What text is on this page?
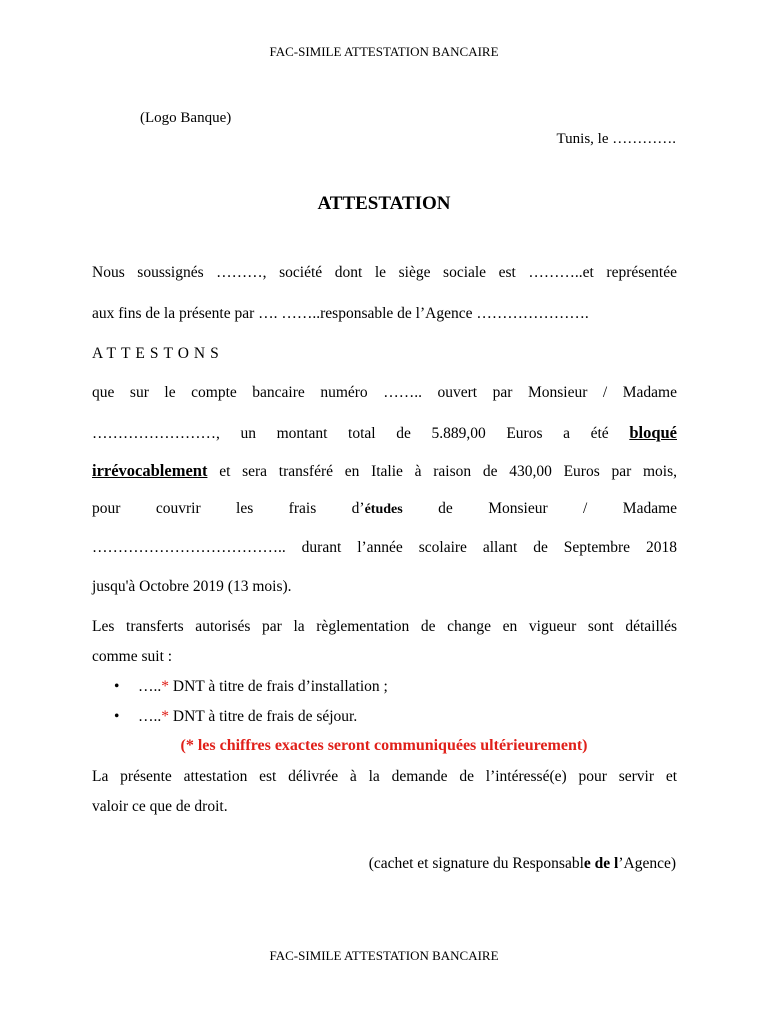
FAC-SIMILE ATTESTATION BANCAIRE

(Logo Banque)

Tunis, le ………….

ATTESTATION
Nous soussignés ………, société dont le siège sociale est ………..et représentée
aux fins de la présente par …. ……..responsable de l’Agence ………………….
ATTESTONS
que sur le compte bancaire numéro …….. ouvert par Monsieur / Madame
……………………, un montant total de 5.889,00 Euros a été bloqué
irrévocablement et sera transféré en Italie à raison de 430,00 Euros par mois,
pour couvrir les frais d’études de Monsieur / Madame
……………………………….. durant l’année scolaire allant de Septembre 2018
jusqu'à Octobre 2019 (13 mois).
Les transferts autorisés par la règlementation de change en vigueur sont détaillés
comme suit :
La présente attestation est délivrée à la demande de l’intéressé(e) pour servir et
valoir ce que de droit.
• …..* DNT à titre de frais d’installation ;
• …..* DNT à titre de frais de séjour.

(* les chiffres exactes seront communiquées ultérieurement)

(cachet et signature du Responsable de l’Agence)

FAC-SIMILE ATTESTATION BANCAIRE
